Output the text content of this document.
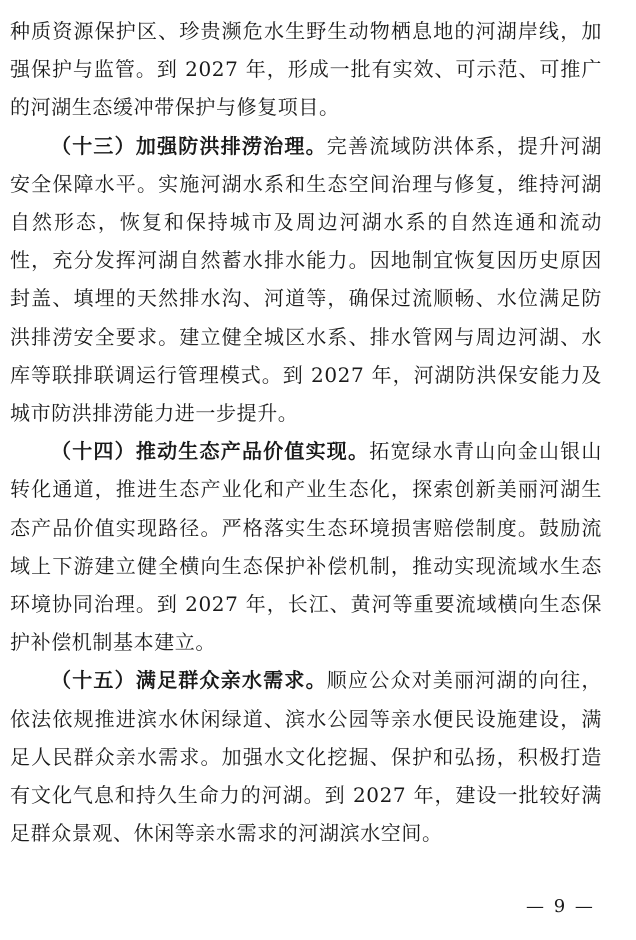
种质资源保护区、珍贵濒危水生野生动物栖息地的河湖岸线，加强保护与监管。到 2027 年，形成一批有实效、可示范、可推广的河湖生态缓冲带保护与修复项目。

（十三）加强防洪排涝治理。完善流域防洪体系，提升河湖安全保障水平。实施河湖水系和生态空间治理与修复，维持河湖自然形态，恢复和保持城市及周边河湖水系的自然连通和流动性，充分发挥河湖自然蓄水排水能力。因地制宜恢复因历史原因封盖、填埋的天然排水沟、河道等，确保过流顺畅、水位满足防洪排涝安全要求。建立健全城区水系、排水管网与周边河湖、水库等联排联调运行管理模式。到 2027 年，河湖防洪保安能力及城市防洪排涝能力进一步提升。

（十四）推动生态产品价值实现。拓宽绿水青山向金山银山转化通道，推进生态产业化和产业生态化，探索创新美丽河湖生态产品价值实现路径。严格落实生态环境损害赔偿制度。鼓励流域上下游建立健全横向生态保护补偿机制，推动实现流域水生态环境协同治理。到 2027 年，长江、黄河等重要流域横向生态保护补偿机制基本建立。

（十五）满足群众亲水需求。顺应公众对美丽河湖的向往，依法依规推进滨水休闲绿道、滨水公园等亲水便民设施建设，满足人民群众亲水需求。加强水文化挖掘、保护和弘扬，积极打造有文化气息和持久生命力的河湖。到 2027 年，建设一批较好满足群众景观、休闲等亲水需求的河湖滨水空间。

— 9 —
